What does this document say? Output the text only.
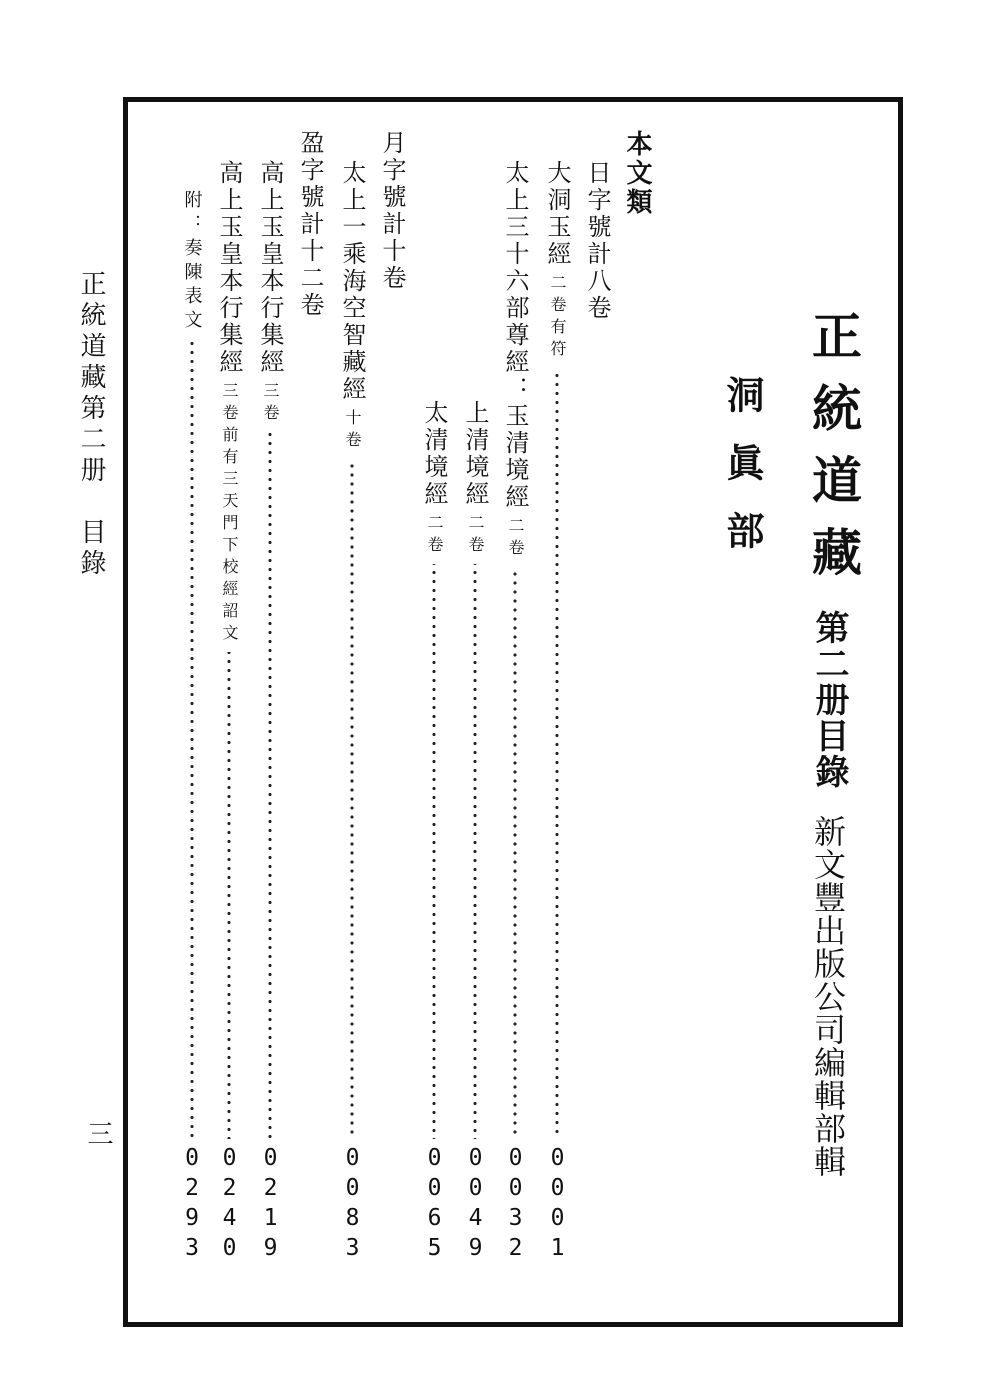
正統道藏第二册　目錄
三
正統道藏
第二册目錄
新文豐出版公司編輯部輯
洞眞部
本文類
日字號計八卷
大洞玉經
二卷有符
0001
太上三十六部尊經：玉清境經
二卷
0032
上清境經
二卷
0049
太清境經
二卷
0065
月字號計十卷
太上一乘海空智藏經
十卷
0083
盈字號計十二卷
高上玉皇本行集經
三卷
0219
高上玉皇本行集經
三卷前有三天門下校經詔文
0240
附：奏陳表文
0293
